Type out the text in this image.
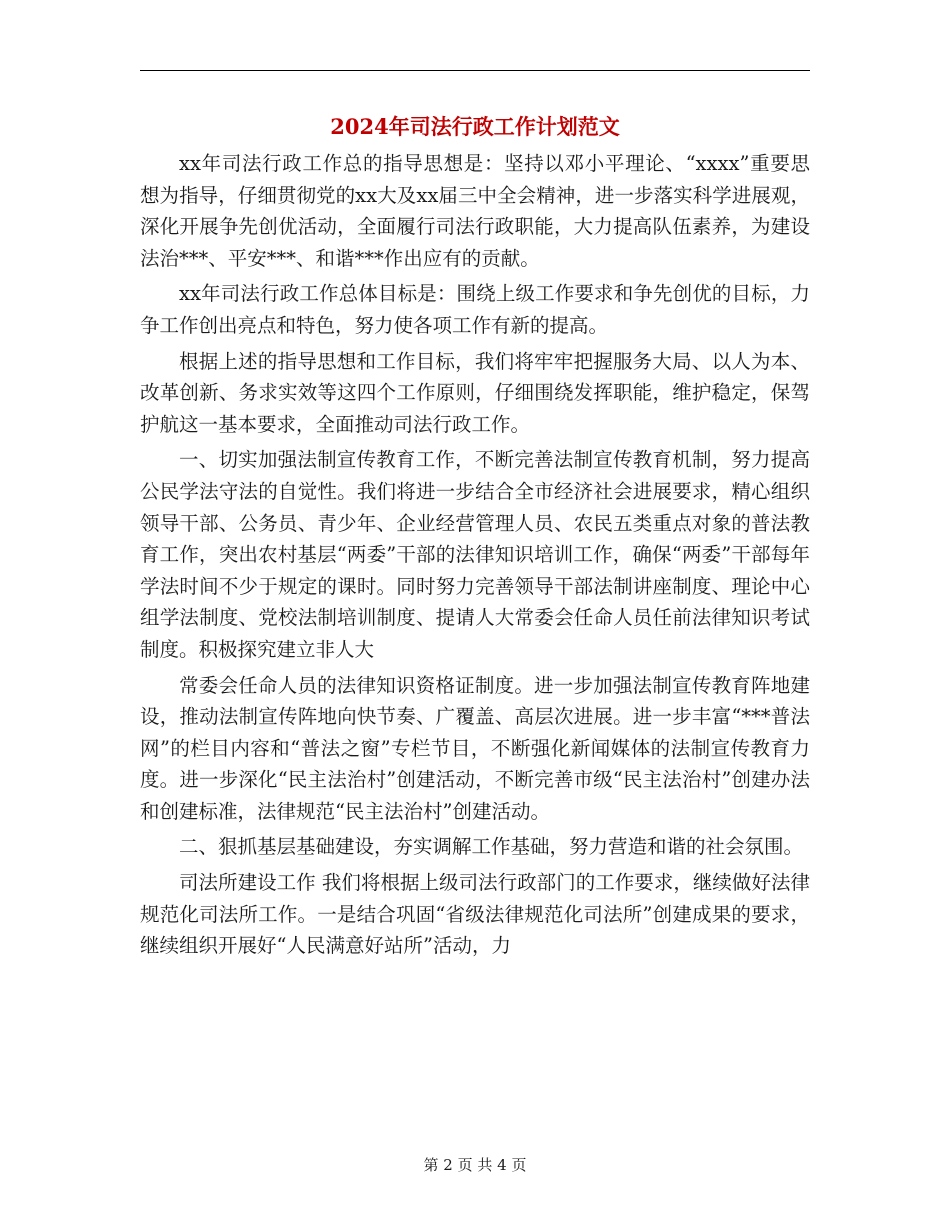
2024年司法行政工作计划范文

xx年司法行政工作总的指导思想是：坚持以邓小平理论、“xxxx”重要思想为指导，仔细贯彻党的xx大及xx届三中全会精神，进一步落实科学进展观，深化开展争先创优活动，全面履行司法行政职能，大力提高队伍素养，为建设法治***、平安***、和谐***作出应有的贡献。

xx年司法行政工作总体目标是：围绕上级工作要求和争先创优的目标，力争工作创出亮点和特色，努力使各项工作有新的提高。

根据上述的指导思想和工作目标，我们将牢牢把握服务大局、以人为本、改革创新、务求实效等这四个工作原则，仔细围绕发挥职能，维护稳定，保驾护航这一基本要求，全面推动司法行政工作。

一、切实加强法制宣传教育工作，不断完善法制宣传教育机制，努力提高公民学法守法的自觉性。我们将进一步结合全市经济社会进展要求，精心组织领导干部、公务员、青少年、企业经营管理人员、农民五类重点对象的普法教育工作，突出农村基层“两委”干部的法律知识培训工作，确保“两委”干部每年学法时间不少于规定的课时。同时努力完善领导干部法制讲座制度、理论中心组学法制度、党校法制培训制度、提请人大常委会任命人员任前法律知识考试制度。积极探究建立非人大

常委会任命人员的法律知识资格证制度。进一步加强法制宣传教育阵地建设，推动法制宣传阵地向快节奏、广覆盖、高层次进展。进一步丰富“***普法网”的栏目内容和“普法之窗”专栏节目，不断强化新闻媒体的法制宣传教育力度。进一步深化“民主法治村”创建活动，不断完善市级“民主法治村”创建办法和创建标准，法律规范“民主法治村”创建活动。

二、狠抓基层基础建设，夯实调解工作基础，努力营造和谐的社会氛围。

司法所建设工作 我们将根据上级司法行政部门的工作要求，继续做好法律规范化司法所工作。一是结合巩固“省级法律规范化司法所”创建成果的要求，继续组织开展好“人民满意好站所”活动，力

第 2 页 共 4 页
